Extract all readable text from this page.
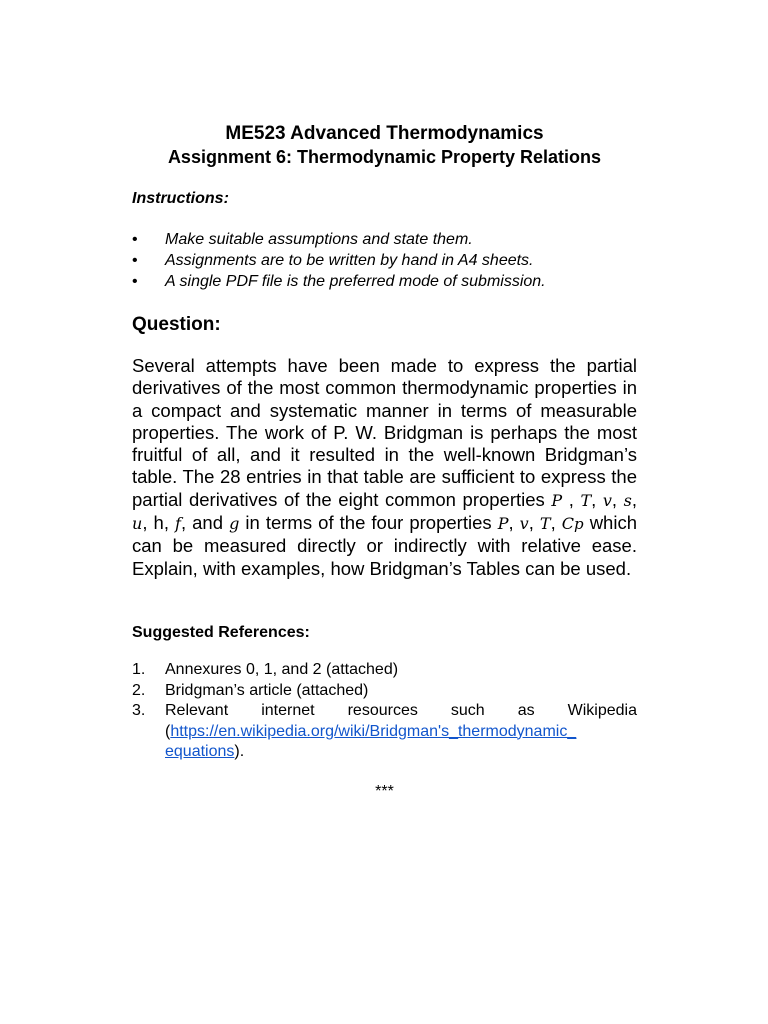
ME523 Advanced Thermodynamics
Assignment 6: Thermodynamic Property Relations

Instructions:

• Make suitable assumptions and state them.
• Assignments are to be written by hand in A4 sheets.
• A single PDF file is the preferred mode of submission.

Question:

Several attempts have been made to express the partial derivatives of the most common thermodynamic properties in a compact and systematic manner in terms of measurable properties. The work of P. W. Bridgman is perhaps the most fruitful of all, and it resulted in the well-known Bridgman’s table. The 28 entries in that table are sufficient to express the partial derivatives of the eight common properties P , T, v, s, u, h, f, and g in terms of the four properties P, v, T, Cp which can be measured directly or indirectly with relative ease. Explain, with examples, how Bridgman’s Tables can be used.

Suggested References:

1. Annexures 0, 1, and 2 (attached)
2. Bridgman’s article (attached)
3. Relevant internet resources such as Wikipedia
(https://en.wikipedia.org/wiki/Bridgman's_thermodynamic_
equations).

***
